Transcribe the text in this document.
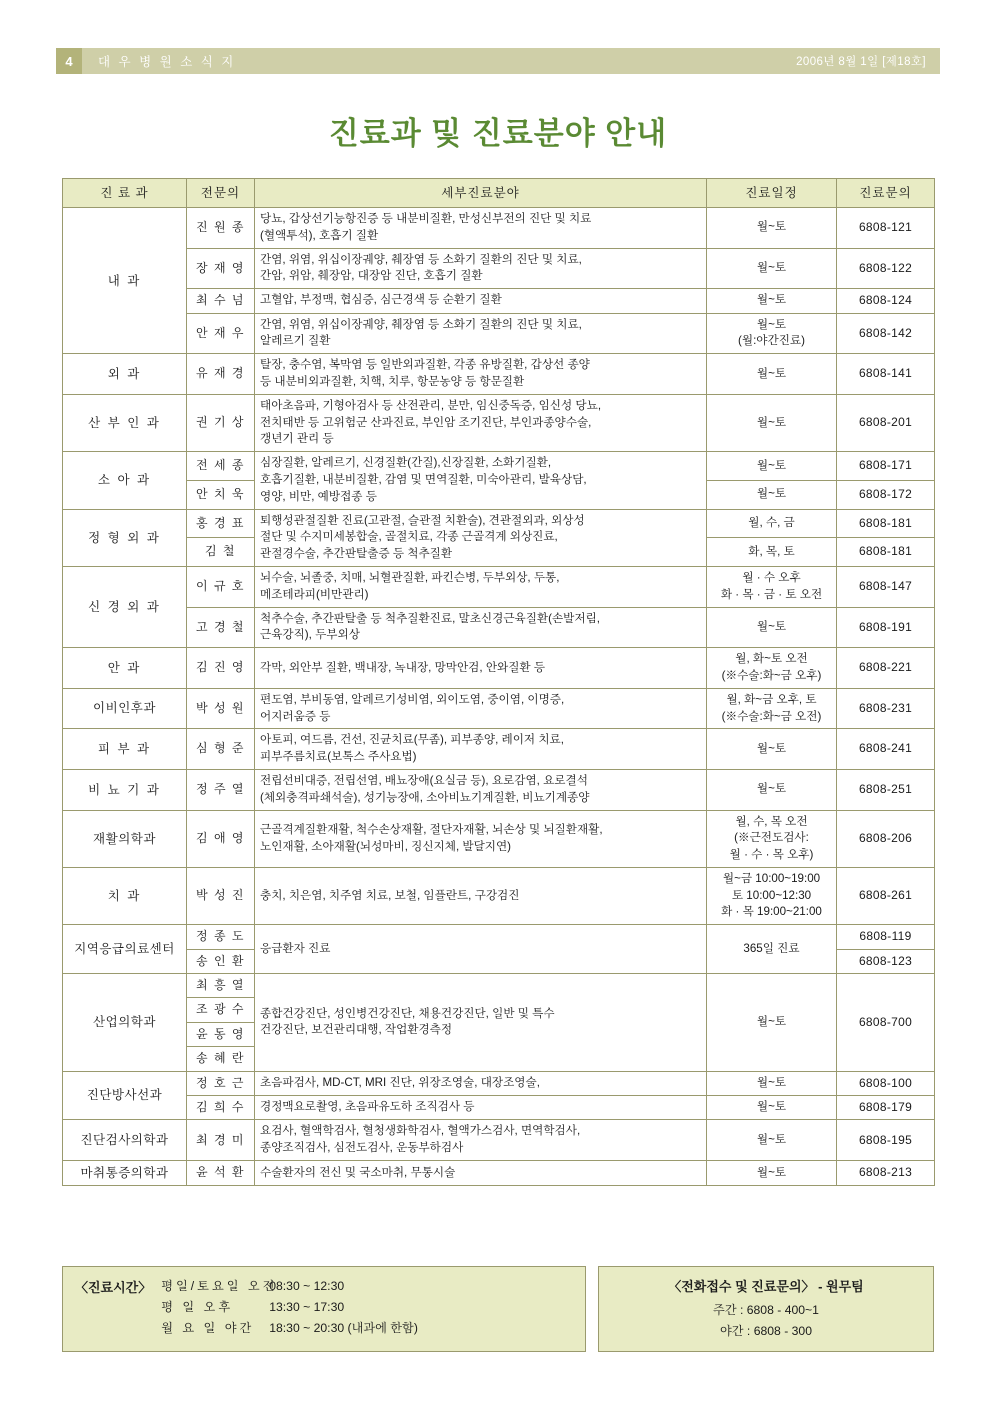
4	대 우 병 원 소 식 지	2006년 8월 1일 [제18호]
진료과 및 진료분야 안내
진 료 과	전문의	세부진료분야	진료일정	진료문의
내 과	진 원 종	당뇨, 갑상선기능항진증 등 내분비질환, 만성신부전의 진단 및 치료
(혈액투석), 호흡기 질환	월~토	6808-121
	장 재 영	간염, 위염, 위십이장궤양, 췌장염 등 소화기 질환의 진단 및 치료,
간암, 위암, 췌장암, 대장암 진단, 호흡기 질환	월~토	6808-122
	최 수 넘	고혈압, 부정맥, 협심증, 심근경색 등 순환기 질환	월~토	6808-124
	안 재 우	간염, 위염, 위십이장궤양, 췌장염 등 소화기 질환의 진단 및 치료,
알레르기 질환	월~토
(월:야간진료)	6808-142
외 과	유 재 경	탈장, 충수염, 복막염 등 일반외과질환, 각종 유방질환, 갑상선 종양
등 내분비외과질환, 치핵, 치루, 항문농양 등 항문질환	월~토	6808-141
산 부 인 과	권 기 상	태아초음파, 기형아검사 등 산전관리, 분만, 임신중독증, 임신성 당뇨,
전치태반 등 고위험군 산과진료, 부인암 조기진단, 부인과종양수술,
갱년기 관리 등	월~토	6808-201
소 아 과	전 세 종	심장질환, 알레르기, 신경질환(간질),신장질환, 소화기질환,
호흡기질환, 내분비질환, 감염 및 면역질환, 미숙아관리, 발육상담,
영양, 비만, 예방접종 등	월~토	6808-171
	안 치 욱		월~토	6808-172
정 형 외 과	홍 경 표	퇴행성관절질환 진료(고관절, 슬관절 치환술), 견관절외과, 외상성
절단 및 수지미세봉합술, 골절치료, 각종 근골격계 외상진료,
관절경수술, 추간판탈출증 등 척추질환	월, 수, 금	6808-181
	김 철		화, 목, 토	6808-181
신 경 외 과	이 규 호	뇌수술, 뇌졸중, 치매, 뇌혈관질환, 파킨슨병, 두부외상, 두통,
메조테라피(비만관리)	월 · 수 오후
화 · 목 · 금 · 토 오전	6808-147
	고 경 철	척추수술, 추간판탈출 등 척추질환진료, 말초신경근육질환(손발저림,
근육강직), 두부외상	월~토	6808-191
안 과	김 진 영	각막, 외안부 질환, 백내장, 녹내장, 망막안검, 안와질환 등	월, 화~토 오전
(※수술:화~금 오후)	6808-221
이비인후과	박 성 원	편도염, 부비동염, 알레르기성비염, 외이도염, 중이염, 이명증,
어지러움증 등	월, 화~금 오후, 토
(※수술:화~금 오전)	6808-231
피 부 과	심 형 준	아토피, 여드름, 건선, 진균치료(무좀), 피부종양, 레이저 치료,
피부주름치료(보톡스 주사요법)	월~토	6808-241
비 뇨 기 과	정 주 열	전립선비대증, 전립선염, 배뇨장애(요실금 등), 요로감염, 요로결석
(체외충격파쇄석술), 성기능장애, 소아비뇨기계질환, 비뇨기계종양	월~토	6808-251
재활의학과	김 애 영	근골격계질환재활, 척수손상재활, 절단자재활, 뇌손상 및 뇌질환재활,
노인재활, 소아재활(뇌성마비, 징신지체, 발달지연)	월, 수, 목 오전
(※근전도검사:
월 · 수 · 목 오후)	6808-206
치 과	박 성 진	충치, 치은염, 치주염 치료, 보철, 임플란트, 구강검진	월~금 10:00~19:00
토 10:00~12:30
화 · 목 19:00~21:00	6808-261
지역응급의료센터	정 종 도	응급환자 진료	365일 진료	6808-119
	송 인 환			6808-123
산업의학과	최 흥 열	종합건강진단, 성인병건강진단, 채용건강진단, 일반 및 특수
건강진단, 보건관리대행, 작업환경측정	월~토	6808-700
	조 광 수			
	윤 동 영			
	송 혜 란			
진단방사선과	정 호 근	초음파검사, MD-CT, MRI 진단, 위장조영술, 대장조영술,	월~토	6808-100
	김 희 수	경정맥요로촬영, 초음파유도하 조직검사 등	월~토	6808-179
진단검사의학과	최 경 미	요검사, 혈액학검사, 혈청생화학검사, 혈액가스검사, 면역학검사,
종양조직검사, 심전도검사, 운동부하검사	월~토	6808-195
마취통증의학과	윤 석 환	수술환자의 전신 및 국소마취, 무통시술	월~토	6808-213
〈진료시간〉 평일/토요일 오전
08:30 ~ 12:30
평 일 오후	13:30 ~ 17:30
월 요 일 야간	18:30 ~ 20:30 (내과에 한함)
〈전화접수 및 진료문의〉 - 원무팀
주간 : 6808 - 400~1
야간 : 6808 - 300
